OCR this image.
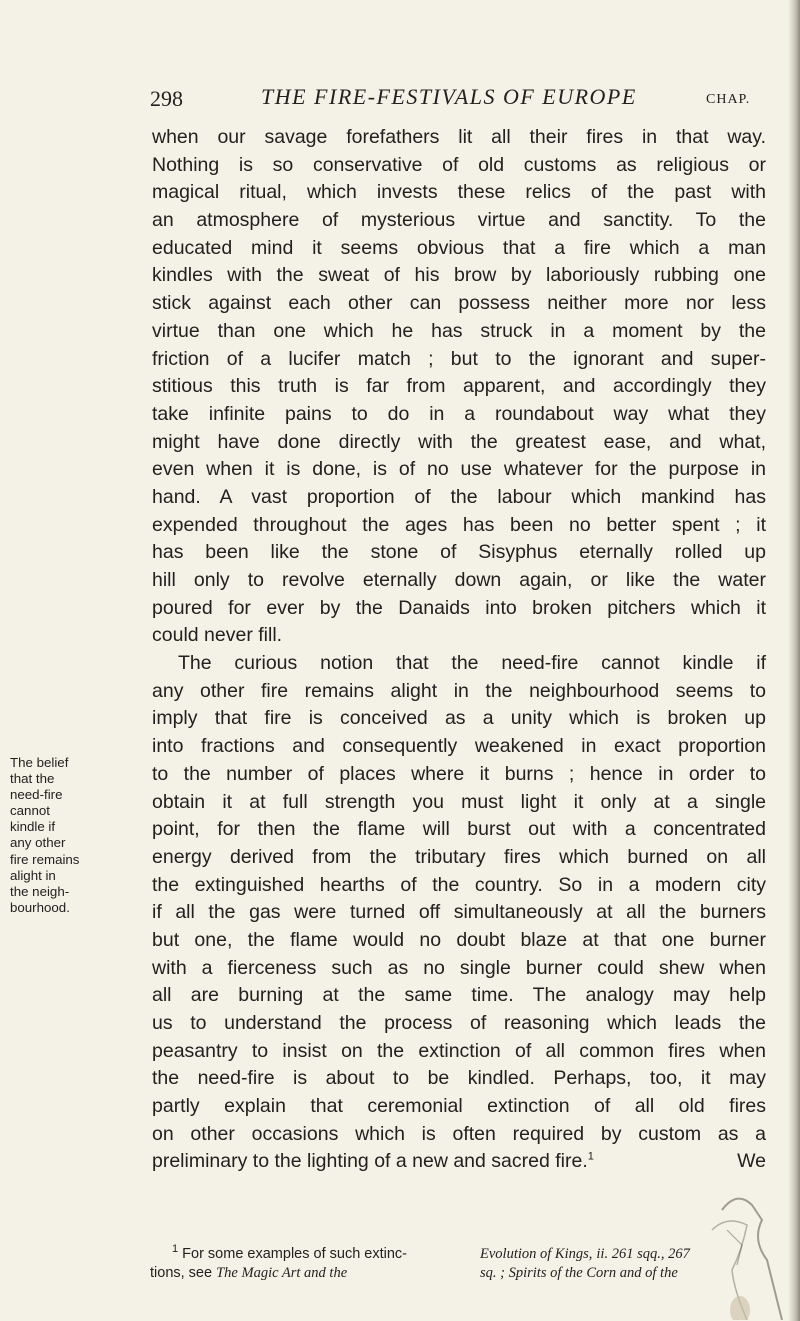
298	THE FIRE-FESTIVALS OF EUROPE	CHAP.
when our savage forefathers lit all their fires in that way.
Nothing is so conservative of old customs as religious or
magical ritual, which invests these relics of the past with
an atmosphere of mysterious virtue and sanctity. To the
educated mind it seems obvious that a fire which a man
kindles with the sweat of his brow by laboriously rubbing one
stick against each other can possess neither more nor less
virtue than one which he has struck in a moment by the
friction of a lucifer match ; but to the ignorant and super-
stitious this truth is far from apparent, and accordingly they
take infinite pains to do in a roundabout way what they
might have done directly with the greatest ease, and what,
even when it is done, is of no use whatever for the purpose in
hand. A vast proportion of the labour which mankind has
expended throughout the ages has been no better spent ; it
has been like the stone of Sisyphus eternally rolled up
hill only to revolve eternally down again, or like the water
poured for ever by the Danaids into broken pitchers which it
could never fill.
The curious notion that the need-fire cannot kindle if
any other fire remains alight in the neighbourhood seems to
imply that fire is conceived as a unity which is broken up
into fractions and consequently weakened in exact proportion
to the number of places where it burns ; hence in order to
obtain it at full strength you must light it only at a single
point, for then the flame will burst out with a concentrated
energy derived from the tributary fires which burned on all
the extinguished hearths of the country. So in a modern city
if all the gas were turned off simultaneously at all the burners
but one, the flame would no doubt blaze at that one burner
with a fierceness such as no single burner could shew when
all are burning at the same time. The analogy may help
us to understand the process of reasoning which leads the
peasantry to insist on the extinction of all common fires when
the need-fire is about to be kindled. Perhaps, too, it may
partly explain that ceremonial extinction of all old fires
on other occasions which is often required by custom as a
preliminary to the lighting of a new and sacred fire.$^1$	We
The belief
that the
need-fire
cannot
kindle if
any other
fire remains
alight in
the neigh-
bourhood.
$^1$ For some examples of such extinc-	Evolution of Kings, ii. 261 sqq., 267
tions, see The Magic Art and the	sq. ; Spirits of the Corn and of the
